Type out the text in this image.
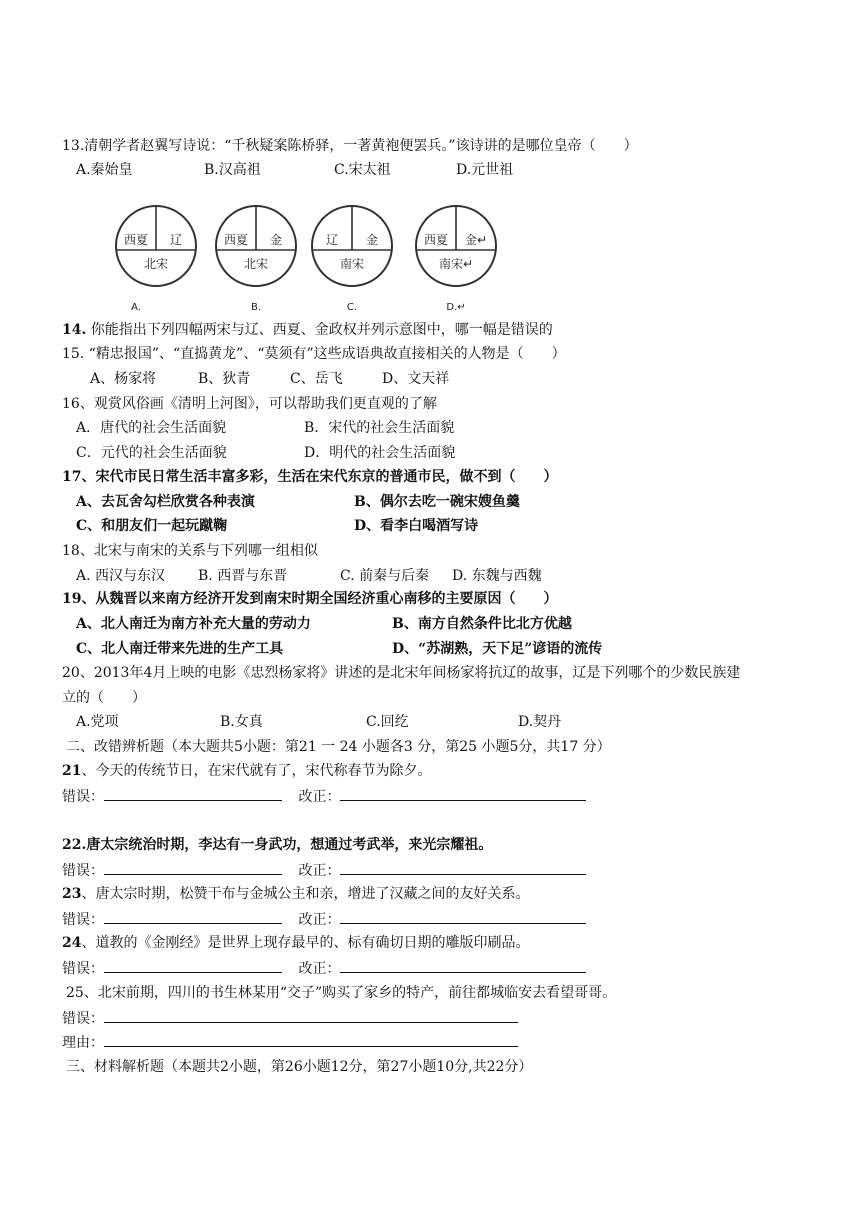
13.清朝学者赵翼写诗说：“千秋疑案陈桥驿，一著黄袍便罢兵。”该诗讲的是哪位皇帝（　　）
A.秦始皇	B.汉高祖	C.宋太祖	D.元世祖
西夏 辽
北宋
A.
西夏 金
北宋
B.
辽 金
南宋
C.
西夏 金↵
南宋↵
D.↵
14. 你能指出下列四幅两宋与辽、西夏、金政权并列示意图中，哪一幅是错误的
15. “精忠报国”、“直捣黄龙”、“莫须有”这些成语典故直接相关的人物是（　　）
A、杨家将	B、狄青	C、岳飞	D、文天祥
16、观赏风俗画《清明上河图》，可以帮助我们更直观的了解
A．唐代的社会生活面貌	B．宋代的社会生活面貌
C．元代的社会生活面貌	D．明代的社会生活面貌
17、宋代市民日常生活丰富多彩，生活在宋代东京的普通市民，做不到（　　）
A、去瓦舍勾栏欣赏各种表演	B、偶尔去吃一碗宋嫂鱼羹
C、和朋友们一起玩蹴鞠	D、看李白喝酒写诗
18、北宋与南宋的关系与下列哪一组相似
A. 西汉与东汉 B. 西晋与东晋	C. 前秦与后秦 D. 东魏与西魏
19、从魏晋以来南方经济开发到南宋时期全国经济重心南移的主要原因（　　）
A、北人南迁为南方补充大量的劳动力	B、南方自然条件比北方优越
C、北人南迁带来先进的生产工具	D、“苏湖熟，天下足”谚语的流传
20、2013年4月上映的电影《忠烈杨家将》讲述的是北宋年间杨家将抗辽的故事，辽是下列哪个的少数民族建
立的（　　）
A.党项	B.女真	C.回纥	D.契丹
二、改错辨析题（本大题共5小题：第21 一 24 小题各3 分，第25 小题5分，共17 分）
21、今天的传统节日，在宋代就有了，宋代称春节为除夕。
错误：	改正：
22.唐太宗统治时期，李达有一身武功，想通过考武举，来光宗耀祖。
错误：	改正：
23、唐太宗时期，松赞干布与金城公主和亲，增进了汉藏之间的友好关系。
错误：	改正：
24、道教的《金刚经》是世界上现存最早的、标有确切日期的雕版印刷品。
错误：	改正：
25、北宋前期，四川的书生林某用“交子”购买了家乡的特产，前往都城临安去看望哥哥。
错误：
理由：
三、材料解析题（本题共2小题，第26小题12分，第27小题10分,共22分）
